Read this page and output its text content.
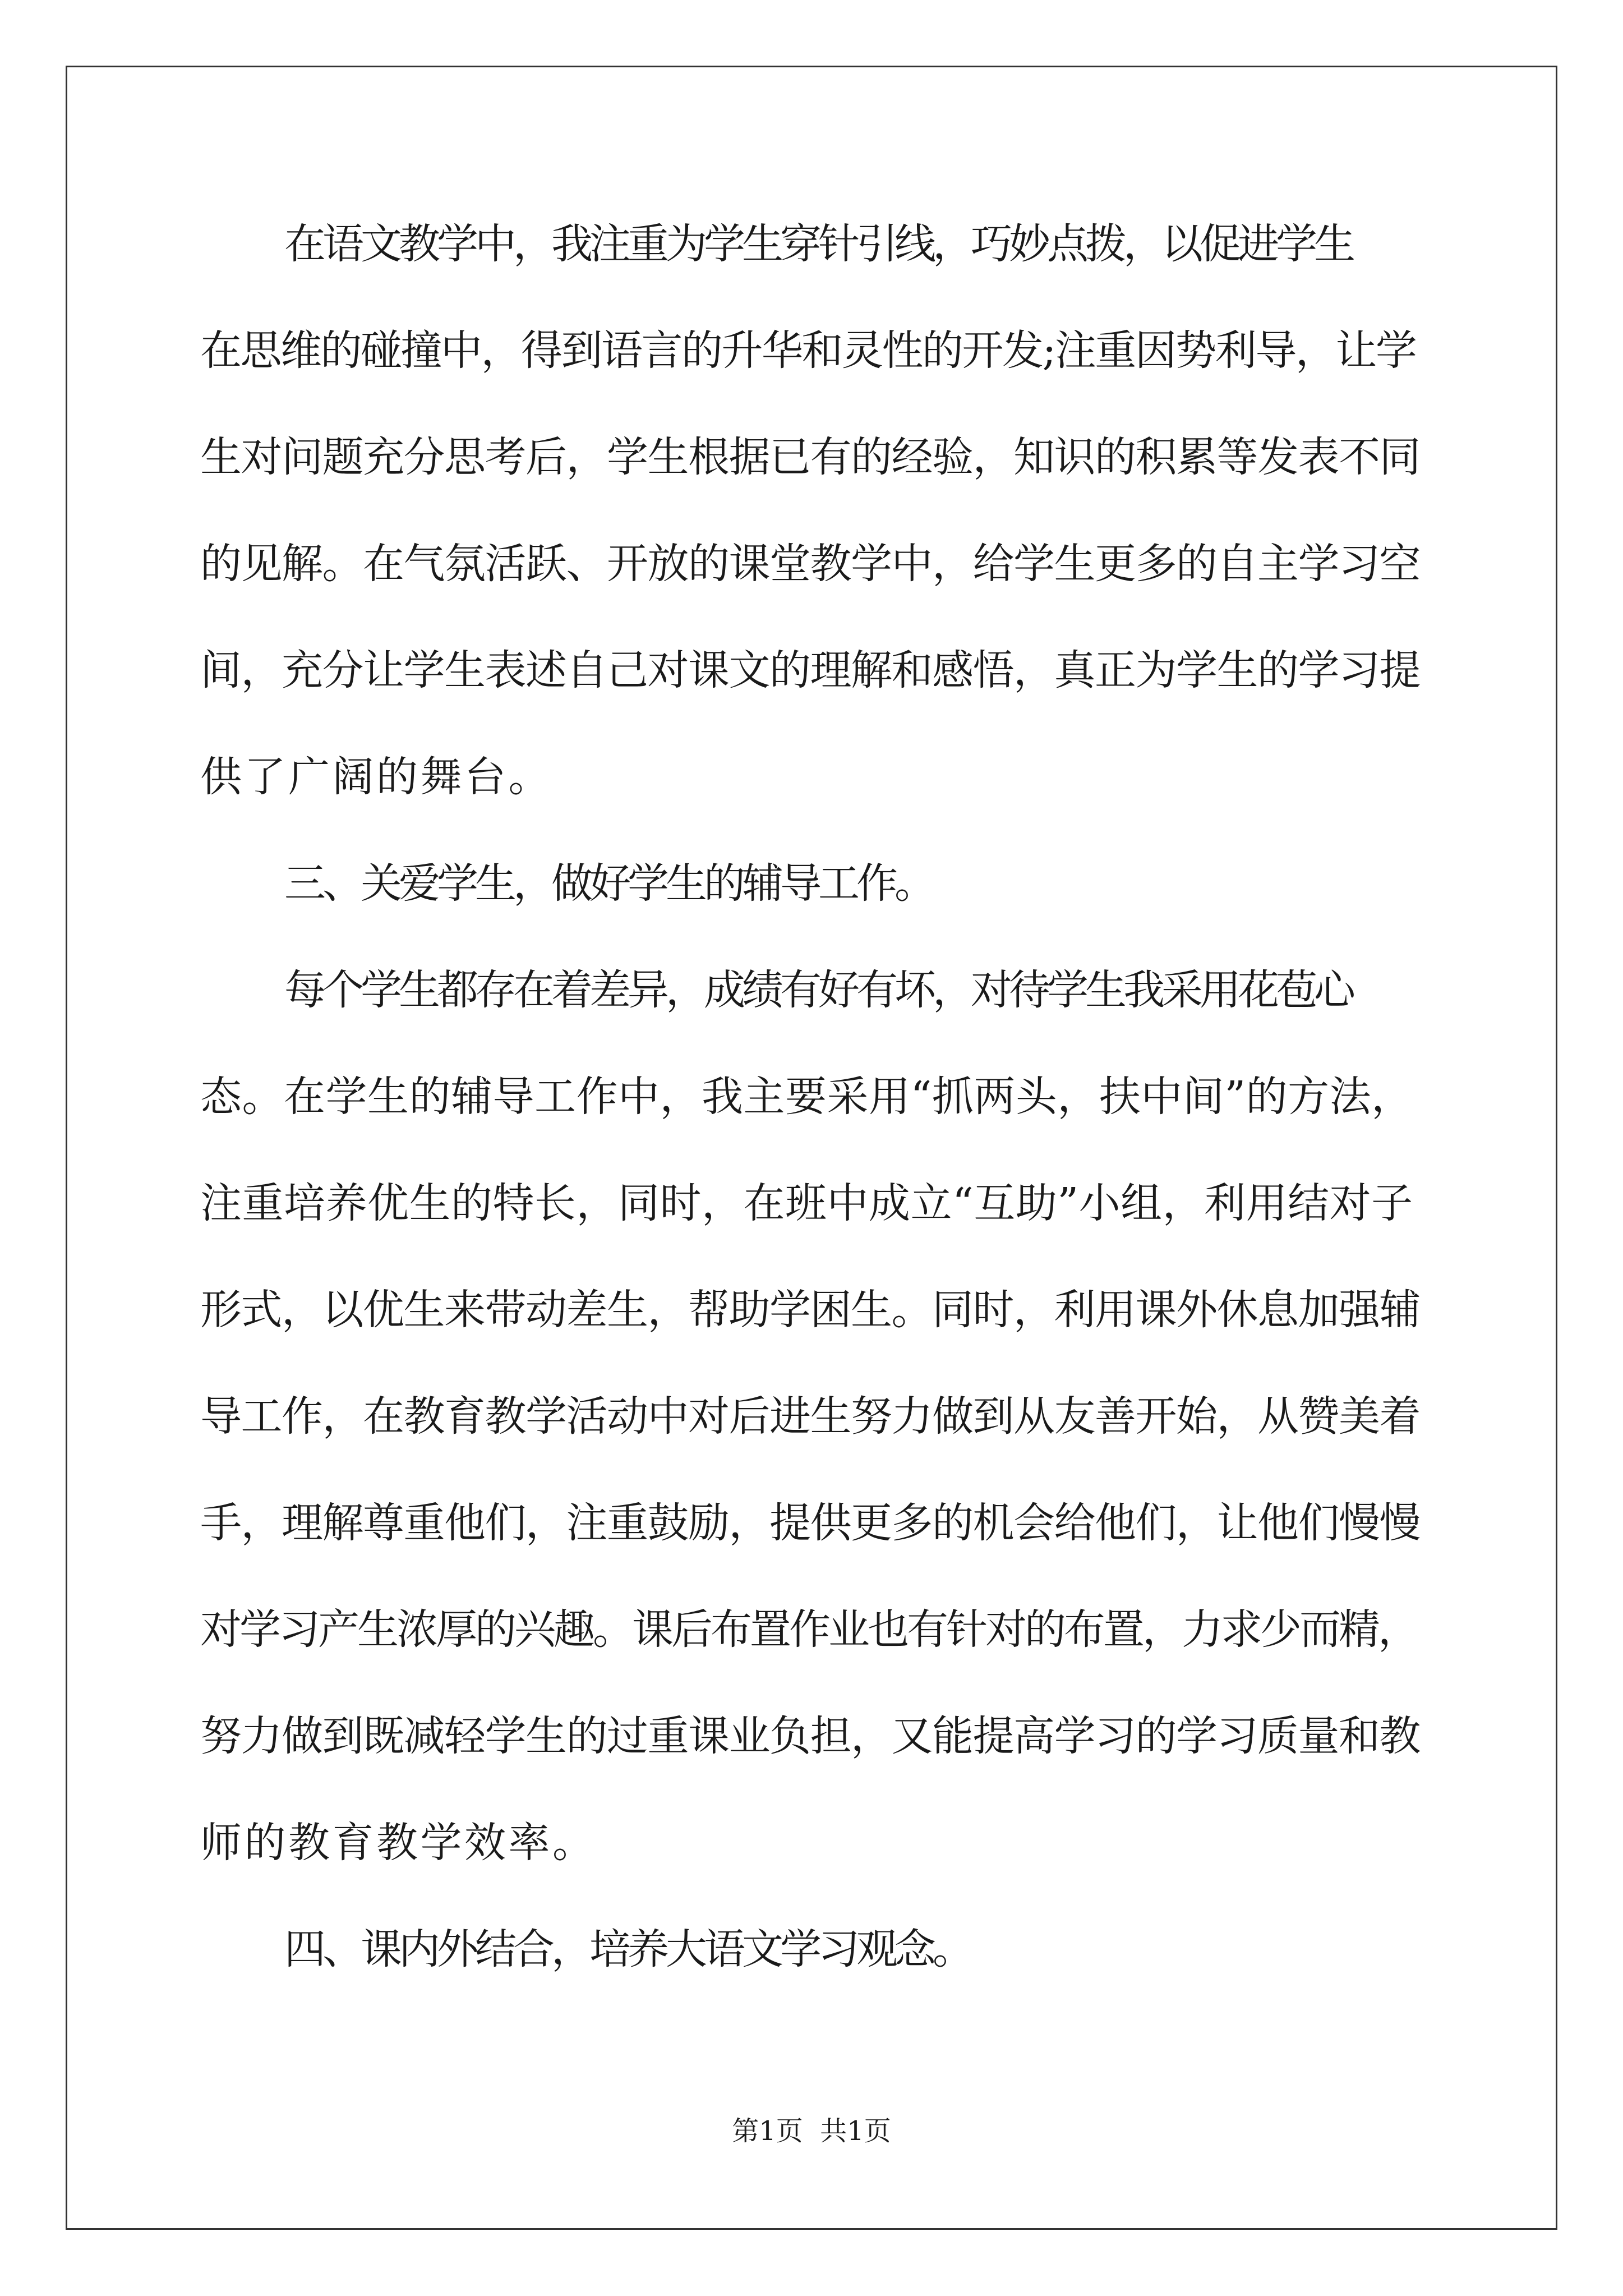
在语文教学中，我注重为学生穿针引线，巧妙点拨，以促进学生
在思维的碰撞中，得到语言的升华和灵性的开发;注重因势利导，让学
生对问题充分思考后，学生根据已有的经验，知识的积累等发表不同
的见解。在气氛活跃、开放的课堂教学中，给学生更多的自主学习空
间，充分让学生表述自己对课文的理解和感悟，真正为学生的学习提
供了广阔的舞台。
三、关爱学生，做好学生的辅导工作。
每个学生都存在着差异，成绩有好有坏，对待学生我采用花苞心
态。在学生的辅导工作中，我主要采用“抓两头，扶中间”的方法，
注重培养优生的特长，同时，在班中成立“互助”小组，利用结对子
形式，以优生来带动差生，帮助学困生。同时，利用课外休息加强辅
导工作，在教育教学活动中对后进生努力做到从友善开始，从赞美着
手，理解尊重他们，注重鼓励，提供更多的机会给他们，让他们慢慢
对学习产生浓厚的兴趣。课后布置作业也有针对的布置，力求少而精，
努力做到既减轻学生的过重课业负担，又能提高学习的学习质量和教
师的教育教学效率。
四、课内外结合，培养大语文学习观念。
第1页  共1页
